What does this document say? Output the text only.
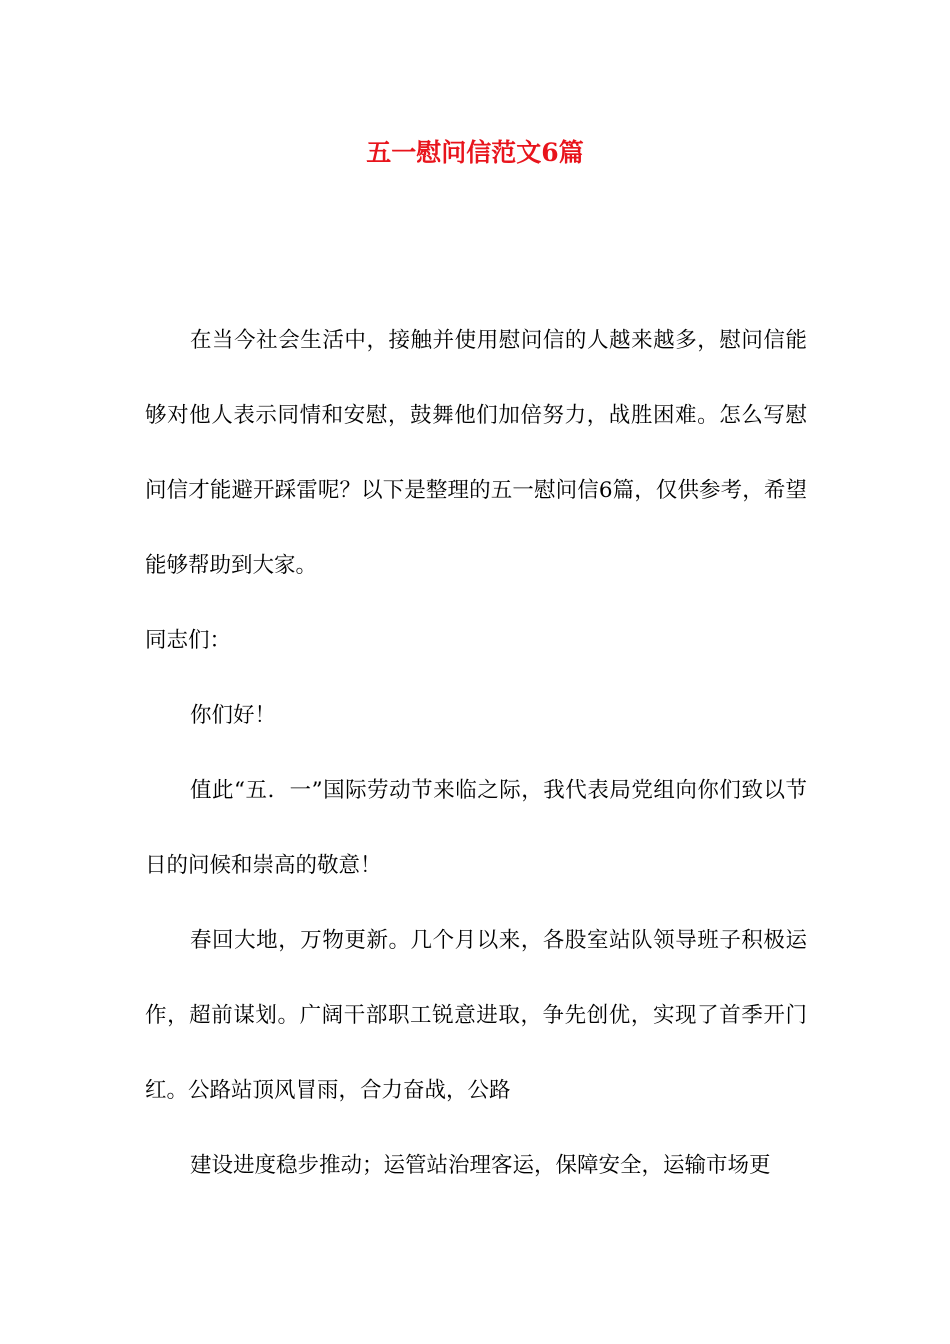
五一慰问信范文6篇

在当今社会生活中，接触并使用慰问信的人越来越多，慰问信能够对他人表示同情和安慰，鼓舞他们加倍努力，战胜困难。怎么写慰问信才能避开踩雷呢？以下是整理的五一慰问信6篇，仅供参考，希望能够帮助到大家。

同志们：

你们好！

值此“五．一”国际劳动节来临之际，我代表局党组向你们致以节日的问候和崇高的敬意！

春回大地，万物更新。几个月以来，各股室站队领导班子积极运作，超前谋划。广阔干部职工锐意进取，争先创优，实现了首季开门红。公路站顶风冒雨，合力奋战，公路

建设进度稳步推动；运管站治理客运，保障安全，运输市场更
